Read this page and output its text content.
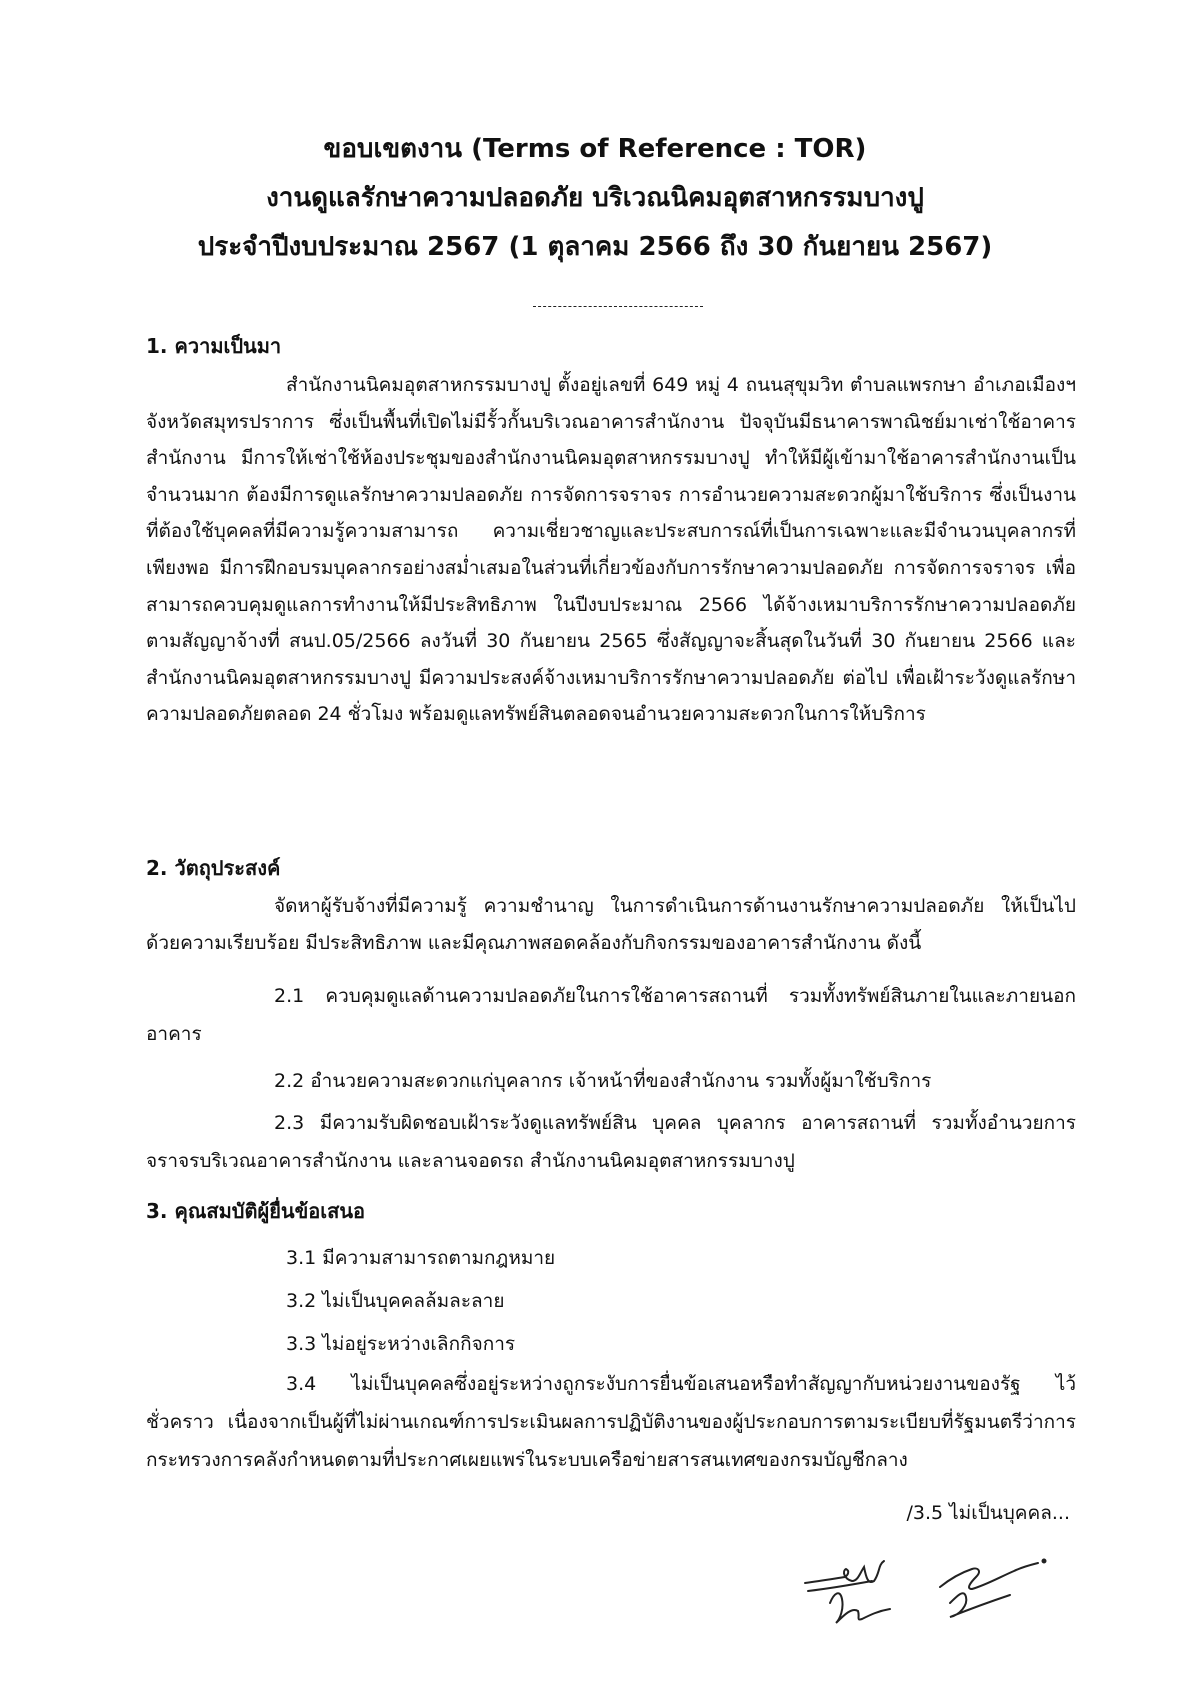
ขอบเขตงาน (Terms of Reference : TOR)
งานดูแลรักษาความปลอดภัย บริเวณนิคมอุตสาหกรรมบางปู
ประจำปีงบประมาณ 2567 (1 ตุลาคม 2566 ถึง 30 กันยายน 2567)
1. ความเป็นมา
สำนักงานนิคมอุตสาหกรรมบางปู ตั้งอยู่เลขที่ 649 หมู่ 4 ถนนสุขุมวิท ตำบลแพรกษา อำเภอเมืองฯ จังหวัดสมุทรปราการ ซึ่งเป็นพื้นที่เปิดไม่มีรั้วกั้นบริเวณอาคารสำนักงาน ปัจจุบันมีธนาคารพาณิชย์มาเช่าใช้อาคารสำนักงาน มีการให้เช่าใช้ห้องประชุมของสำนักงานนิคมอุตสาหกรรมบางปู ทำให้มีผู้เข้ามาใช้อาคารสำนักงานเป็นจำนวนมาก ต้องมีการดูแลรักษาความปลอดภัย การจัดการจราจร การอำนวยความสะดวกผู้มาใช้บริการ ซึ่งเป็นงานที่ต้องใช้บุคคลที่มีความรู้ความสามารถ ความเชี่ยวชาญและประสบการณ์ที่เป็นการเฉพาะและมีจำนวนบุคลากรที่เพียงพอ มีการฝึกอบรมบุคลากรอย่างสม่ำเสมอในส่วนที่เกี่ยวข้องกับการรักษาความปลอดภัย การจัดการจราจร เพื่อสามารถควบคุมดูแลการทำงานให้มีประสิทธิภาพ ในปีงบประมาณ 2566 ได้จ้างเหมาบริการรักษาความปลอดภัย ตามสัญญาจ้างที่ สนป.05/2566 ลงวันที่ 30 กันยายน 2565 ซึ่งสัญญาจะสิ้นสุดในวันที่ 30 กันยายน 2566 และ สำนักงานนิคมอุตสาหกรรมบางปู มีความประสงค์จ้างเหมาบริการรักษาความปลอดภัย ต่อไป เพื่อเฝ้าระวังดูแลรักษาความปลอดภัยตลอด 24 ชั่วโมง พร้อมดูแลทรัพย์สินตลอดจนอำนวยความสะดวกในการให้บริการ
2. วัตถุประสงค์
จัดหาผู้รับจ้างที่มีความรู้ ความชำนาญ ในการดำเนินการด้านงานรักษาความปลอดภัย ให้เป็นไปด้วยความเรียบร้อย มีประสิทธิภาพ และมีคุณภาพสอดคล้องกับกิจกรรมของอาคารสำนักงาน ดังนี้
2.1 ควบคุมดูแลด้านความปลอดภัยในการใช้อาคารสถานที่ รวมทั้งทรัพย์สินภายในและภายนอกอาคาร
2.2 อำนวยความสะดวกแก่บุคลากร เจ้าหน้าที่ของสำนักงาน รวมทั้งผู้มาใช้บริการ
2.3 มีความรับผิดชอบเฝ้าระวังดูแลทรัพย์สิน บุคคล บุคลากร อาคารสถานที่ รวมทั้งอำนวยการจราจรบริเวณอาคารสำนักงาน และลานจอดรถ สำนักงานนิคมอุตสาหกรรมบางปู
3. คุณสมบัติผู้ยื่นข้อเสนอ
3.1 มีความสามารถตามกฎหมาย
3.2 ไม่เป็นบุคคลล้มละลาย
3.3 ไม่อยู่ระหว่างเลิกกิจการ
3.4 ไม่เป็นบุคคลซึ่งอยู่ระหว่างถูกระงับการยื่นข้อเสนอหรือทำสัญญากับหน่วยงานของรัฐ ไว้ชั่วคราว เนื่องจากเป็นผู้ที่ไม่ผ่านเกณฑ์การประเมินผลการปฏิบัติงานของผู้ประกอบการตามระเบียบที่รัฐมนตรีว่าการกระทรวงการคลังกำหนดตามที่ประกาศเผยแพร่ในระบบเครือข่ายสารสนเทศของกรมบัญชีกลาง
/3.5 ไม่เป็นบุคคล...
